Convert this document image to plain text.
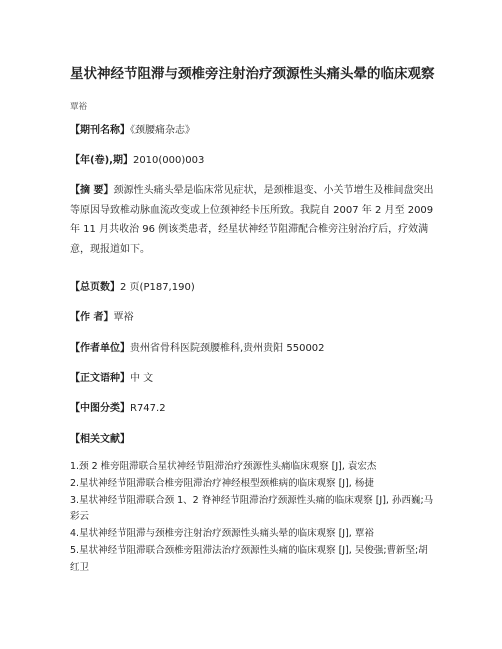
星状神经节阻滞与颈椎旁注射治疗颈源性头痛头晕的临床观察
覃裕
【期刊名称】《颈腰痛杂志》
【年(卷),期】2010(000)003
【摘 要】颈源性头痛头晕是临床常见症状，是颈椎退变、小关节增生及椎间盘突出等原因导致椎动脉血流改变或上位颈神经卡压所致。我院自 2007 年 2 月至 2009 年 11 月共收治 96 例该类患者，经星状神经节阻滞配合椎旁注射治疗后，疗效满意，现报道如下。
【总页数】2 页(P187,190)
【作 者】覃裕
【作者单位】贵州省骨科医院颈腰椎科,贵州贵阳 550002
【正文语种】中 文
【中图分类】R747.2
【相关文献】

1.颈 2 椎旁阻滞联合星状神经节阻滞治疗颈源性头痛临床观察 [J], 袁宏杰

2.星状神经节阻滞联合椎旁阻滞治疗神经根型颈椎病的临床观察 [J], 杨捷

3.星状神经节阻滞联合颈 1、2 脊神经节阻滞治疗颈源性头痛的临床观察 [J], 孙西巍;马彩云

4.星状神经节阻滞与颈椎旁注射治疗颈源性头痛头晕的临床观察 [J], 覃裕

5.星状神经节阻滞联合颈椎旁阻滞法治疗颈源性头痛的临床观察 [J], 吴俊强;曹新坚;胡红卫
